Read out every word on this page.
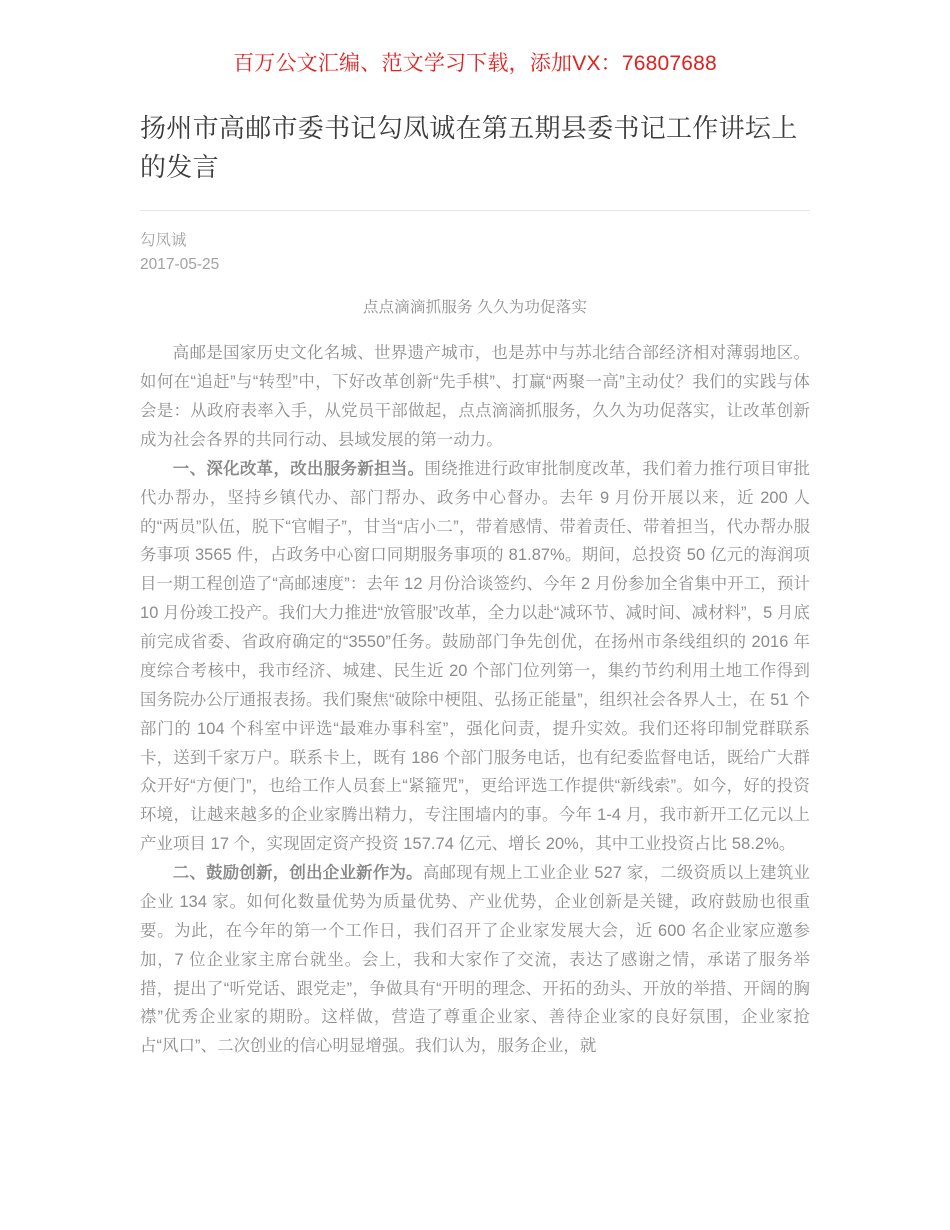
百万公文汇编、范文学习下载，添加VX：76807688
扬州市高邮市委书记勾凤诚在第五期县委书记工作讲坛上的发言
勾凤诚
2017-05-25
点点滴滴抓服务 久久为功促落实

高邮是国家历史文化名城、世界遗产城市，也是苏中与苏北结合部经济相对薄弱地区。如何在“追赶”与“转型”中，下好改革创新“先手棋”、打赢“两聚一高”主动仗？我们的实践与体会是：从政府表率入手，从党员干部做起，点点滴滴抓服务，久久为功促落实，让改革创新成为社会各界的共同行动、县域发展的第一动力。

一、深化改革，改出服务新担当。围绕推进行政审批制度改革，我们着力推行项目审批代办帮办，坚持乡镇代办、部门帮办、政务中心督办。去年 9 月份开展以来，近 200 人的“两员”队伍，脱下“官帽子”，甘当“店小二”，带着感情、带着责任、带着担当，代办帮办服务事项 3565 件，占政务中心窗口同期服务事项的 81.87%。期间，总投资 50 亿元的海润项目一期工程创造了“高邮速度”：去年 12 月份洽谈签约、今年 2 月份参加全省集中开工，预计 10 月份竣工投产。我们大力推进“放管服”改革，全力以赴“减环节、减时间、减材料”，5 月底前完成省委、省政府确定的“3550”任务。鼓励部门争先创优，在扬州市条线组织的 2016 年度综合考核中，我市经济、城建、民生近 20 个部门位列第一，集约节约利用土地工作得到国务院办公厅通报表扬。我们聚焦“破除中梗阻、弘扬正能量”，组织社会各界人士，在 51 个部门的 104 个科室中评选“最难办事科室”，强化问责，提升实效。我们还将印制党群联系卡，送到千家万户。联系卡上，既有 186 个部门服务电话，也有纪委监督电话，既给广大群众开好“方便门”，也给工作人员套上“紧箍咒”，更给评选工作提供“新线索”。如今，好的投资环境，让越来越多的企业家腾出精力，专注围墙内的事。今年 1-4 月，我市新开工亿元以上产业项目 17 个，实现固定资产投资 157.74 亿元、增长 20%，其中工业投资占比 58.2%。

二、鼓励创新，创出企业新作为。高邮现有规上工业企业 527 家，二级资质以上建筑业企业 134 家。如何化数量优势为质量优势、产业优势，企业创新是关键，政府鼓励也很重要。为此，在今年的第一个工作日，我们召开了企业家发展大会，近 600 名企业家应邀参加，7 位企业家主席台就坐。会上，我和大家作了交流，表达了感谢之情，承诺了服务举措，提出了“听党话、跟党走”，争做具有“开明的理念、开拓的劲头、开放的举措、开阔的胸襟”优秀企业家的期盼。这样做，营造了尊重企业家、善待企业家的良好氛围，企业家抢占“风口”、二次创业的信心明显增强。我们认为，服务企业，就
